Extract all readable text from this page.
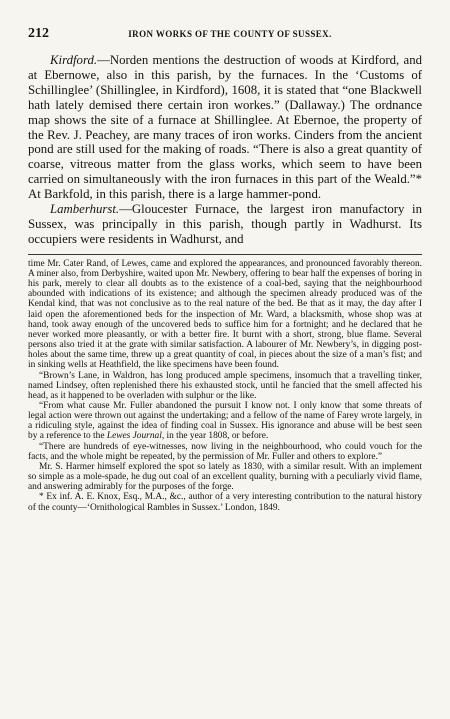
212	IRON WORKS OF THE COUNTY OF SUSSEX.

Kirdford.—Norden mentions the destruction of woods at Kirdford, and at Ebernowe, also in this parish, by the furnaces. In the ‘Customs of Schillinglee’ (Shillinglee, in Kirdford), 1608, it is stated that “one Blackwell hath lately demised there certain iron workes.” (Dallaway.) The ordnance map shows the site of a furnace at Shillinglee. At Ebernoe, the property of the Rev. J. Peachey, are many traces of iron works. Cinders from the ancient pond are still used for the making of roads. “There is also a great quantity of coarse, vitreous matter from the glass works, which seem to have been carried on simultaneously with the iron furnaces in this part of the Weald.”* At Barkfold, in this parish, there is a large hammer-pond.

Lamberhurst.—Gloucester Furnace, the largest iron manufactory in Sussex, was principally in this parish, though partly in Wadhurst. Its occupiers were residents in Wadhurst, and

time Mr. Cater Rand, of Lewes, came and explored the appearances, and pronounced favorably thereon. A miner also, from Derbyshire, waited upon Mr. Newbery, offering to bear half the expenses of boring in his park, merely to clear all doubts as to the existence of a coal-bed, saying that the neighbourhood abounded with indications of its existence; and although the specimen already produced was of the Kendal kind, that was not conclusive as to the real nature of the bed. Be that as it may, the day after I laid open the aforementioned beds for the inspection of Mr. Ward, a blacksmith, whose shop was at hand, took away enough of the uncovered beds to suffice him for a fortnight; and he declared that he never worked more pleasantly, or with a better fire. It burnt with a short, strong, blue flame. Several persons also tried it at the grate with similar satisfaction. A labourer of Mr. Newbery’s, in digging post-holes about the same time, threw up a great quantity of coal, in pieces about the size of a man’s fist; and in sinking wells at Heathfield, the like specimens have been found.

“Brown’s Lane, in Waldron, has long produced ample specimens, insomuch that a travelling tinker, named Lindsey, often replenished there his exhausted stock, until he fancied that the smell affected his head, as it happened to be overladen with sulphur or the like.

“From what cause Mr. Fuller abandoned the pursuit I know not. I only know that some threats of legal action were thrown out against the undertaking; and a fellow of the name of Farey wrote largely, in a ridiculing style, against the idea of finding coal in Sussex. His ignorance and abuse will be best seen by a reference to the Lewes Journal, in the year 1808, or before.

“There are hundreds of eye-witnesses, now living in the neighbourhood, who could vouch for the facts, and the whole might be repeated, by the permission of Mr. Fuller and others to explore.”

Mr. S. Harmer himself explored the spot so lately as 1830, with a similar result. With an implement so simple as a mole-spade, he dug out coal of an excellent quality, burning with a peculiarly vivid flame, and answering admirably for the purposes of the forge.

* Ex inf. A. E. Knox, Esq., M.A., &c., author of a very interesting contribution to the natural history of the county—‘Ornithological Rambles in Sussex.’ London, 1849.
